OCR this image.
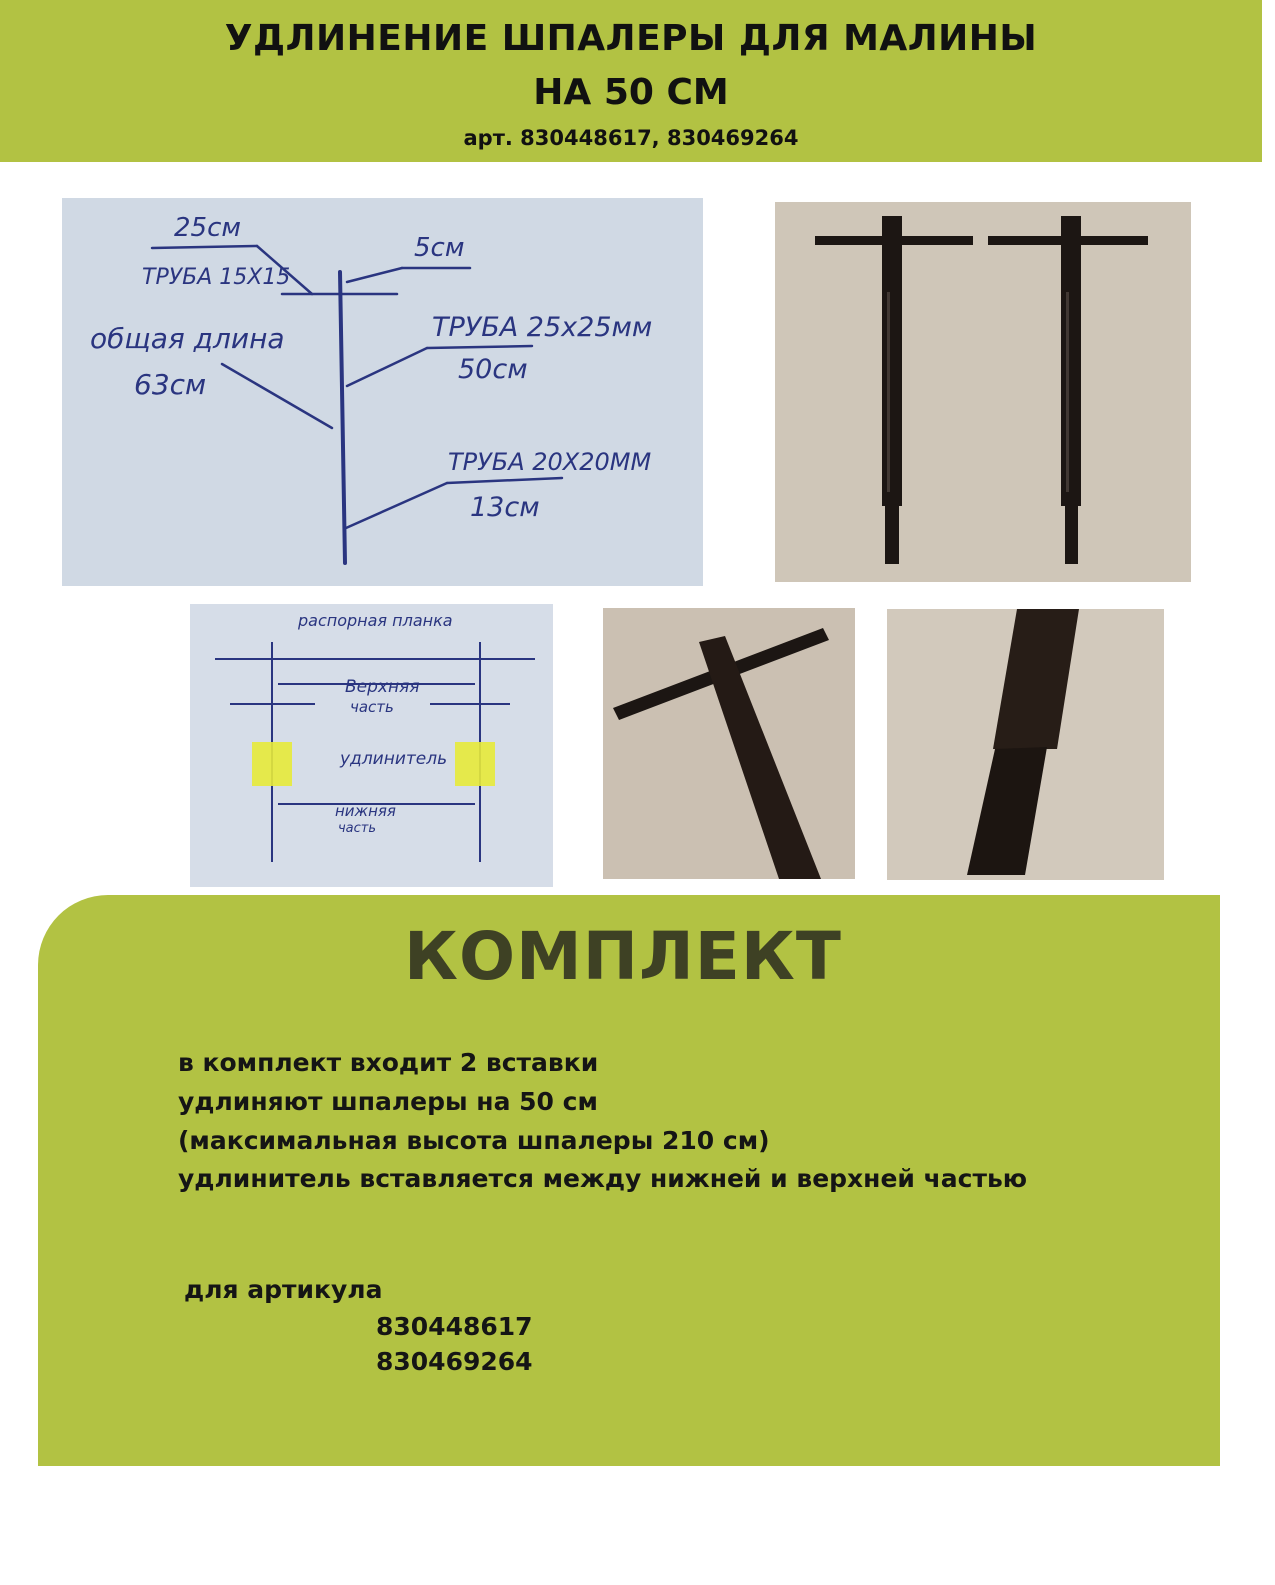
УДЛИНЕНИЕ ШПАЛЕРЫ ДЛЯ МАЛИНЫ
НА 50 СМ
арт. 830448617, 830469264
25см
ТРУБА 15Х15
5см
общая длина
63см
ТРУБА 25х25мм
50см
ТРУБА 20Х20ММ
13см
распорная планка
Верхняя
часть
удлинитель
нижняя
часть
КОМПЛЕКТ
в комплект входит 2 вставки
удлиняют шпалеры на 50 см
(максимальная высота шпалеры 210 см)
удлинитель вставляется между нижней и верхней частью
для артикула
830448617
830469264
